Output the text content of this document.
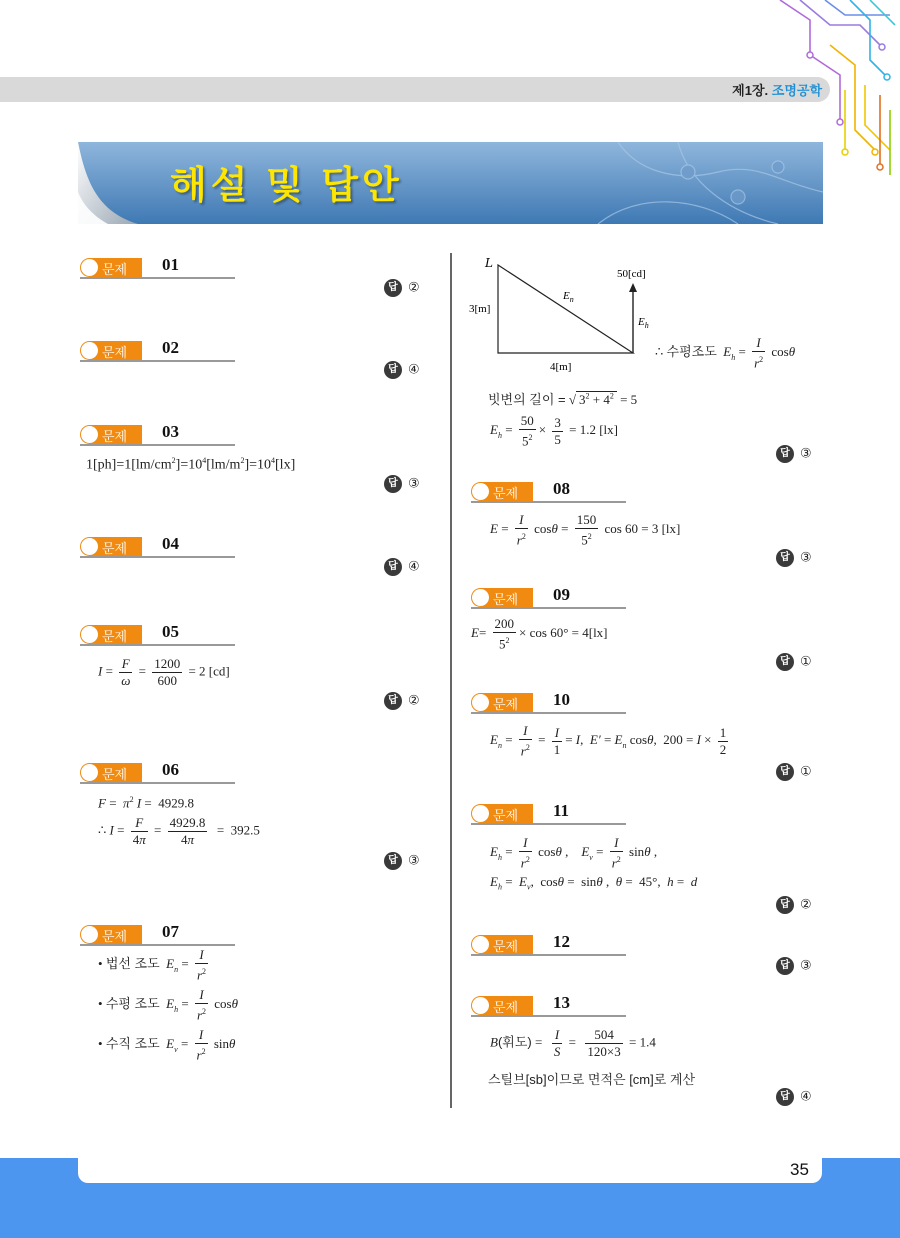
제1장. 조명공학
해설 및 답안
문제 01
답 ②
문제 02
답 ④
문제 03
$1[ph]=1[lm/cm^2]=10^4[lm/m^2]=10^4[lx]$
답 ③
문제 04
답 ④
문제 05
$I = \frac{F}{\omega} = \frac{1200}{600} = 2$ [cd]
답 ②
문제 06
$F = \pi^2$ I =  4929.8
∴ $I = \frac{F}{4\pi} = \frac{4929.8}{4\pi} = 392.5$
답 ③
문제 07
• 법선 조도 $E_n = \frac{I}{r^2}$
• 수평 조도 $E_h = \frac{I}{r^2}$ cosθ
• 수직 조도 $E_v = \frac{I}{r^2}$ sinθ
L
50[cd]
3[m]
4[m]
$E_n$
$E_h$
∴ 수평조도 $E_h = \frac{I}{r^2}$ cosθ
빗변의 길이 = √ $3^2 + 4^2 = 5$
$E_h = \frac{50}{5^2} \times \frac{3}{5} = 1.2$ [lx]
답 ③
문제 08
$E = \frac{I}{r^2}$ $\cos\theta = \frac{150}{5^2}$ cos 60 = 3 [lx]
답 ③
문제 09
$E= \frac{200}{5^2} \times \cos 60^\circ = 4[lx]$
답 ①
문제 10
$E_n = \frac{I}{r^2} = \frac{I}{1} = I$,  $E' = E_n$ cosθ,  $200 = I \times \frac{1}{2}$
답 ①
문제 11
$E_h = \frac{I}{r^2}$ cosθ ,    $E_v = \frac{I}{r^2}$ sinθ ,
$E_h = E_v$,  cosθ =  sinθ ,  θ =  45°,  h =  d
답 ②
문제 12
답 ③
문제 13
B(휘도) = $\frac{I}{S} = \frac{504}{120\times 3} = 1.4$
스틸브[sb]이므로 면적은 [cm]로 계산
답 ④
35
